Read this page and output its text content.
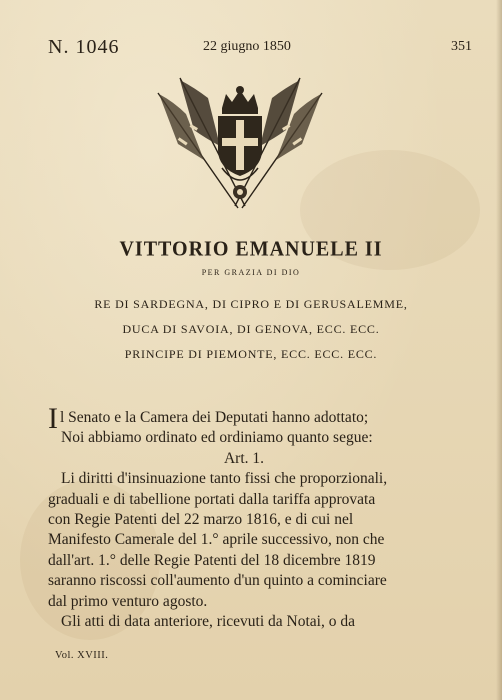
N. 1046	22 giugno 1850	351
VITTORIO EMANUELE II
PER GRAZIA DI DIO
RE DI SARDEGNA, DI CIPRO E DI GERUSALEMME,
DUCA DI SAVOIA, DI GENOVA, ECC. ECC.
PRINCIPE DI PIEMONTE, ECC. ECC. ECC.
Il Senato e la Camera dei Deputati hanno adottato;
Noi abbiamo ordinato ed ordiniamo quanto segue:
Art. 1.
Li diritti d'insinuazione tanto fissi che proporzionali,
graduali e di tabellione portati dalla tariffa approvata
con Regie Patenti del 22 marzo 1816, e di cui nel
Manifesto Camerale del 1.° aprile successivo, non che
dall'art. 1.° delle Regie Patenti del 18 dicembre 1819
saranno riscossi coll'aumento d'un quinto a cominciare
dal primo venturo agosto.
Gli atti di data anteriore, ricevuti da Notai, o da
Vol. XVIII.
